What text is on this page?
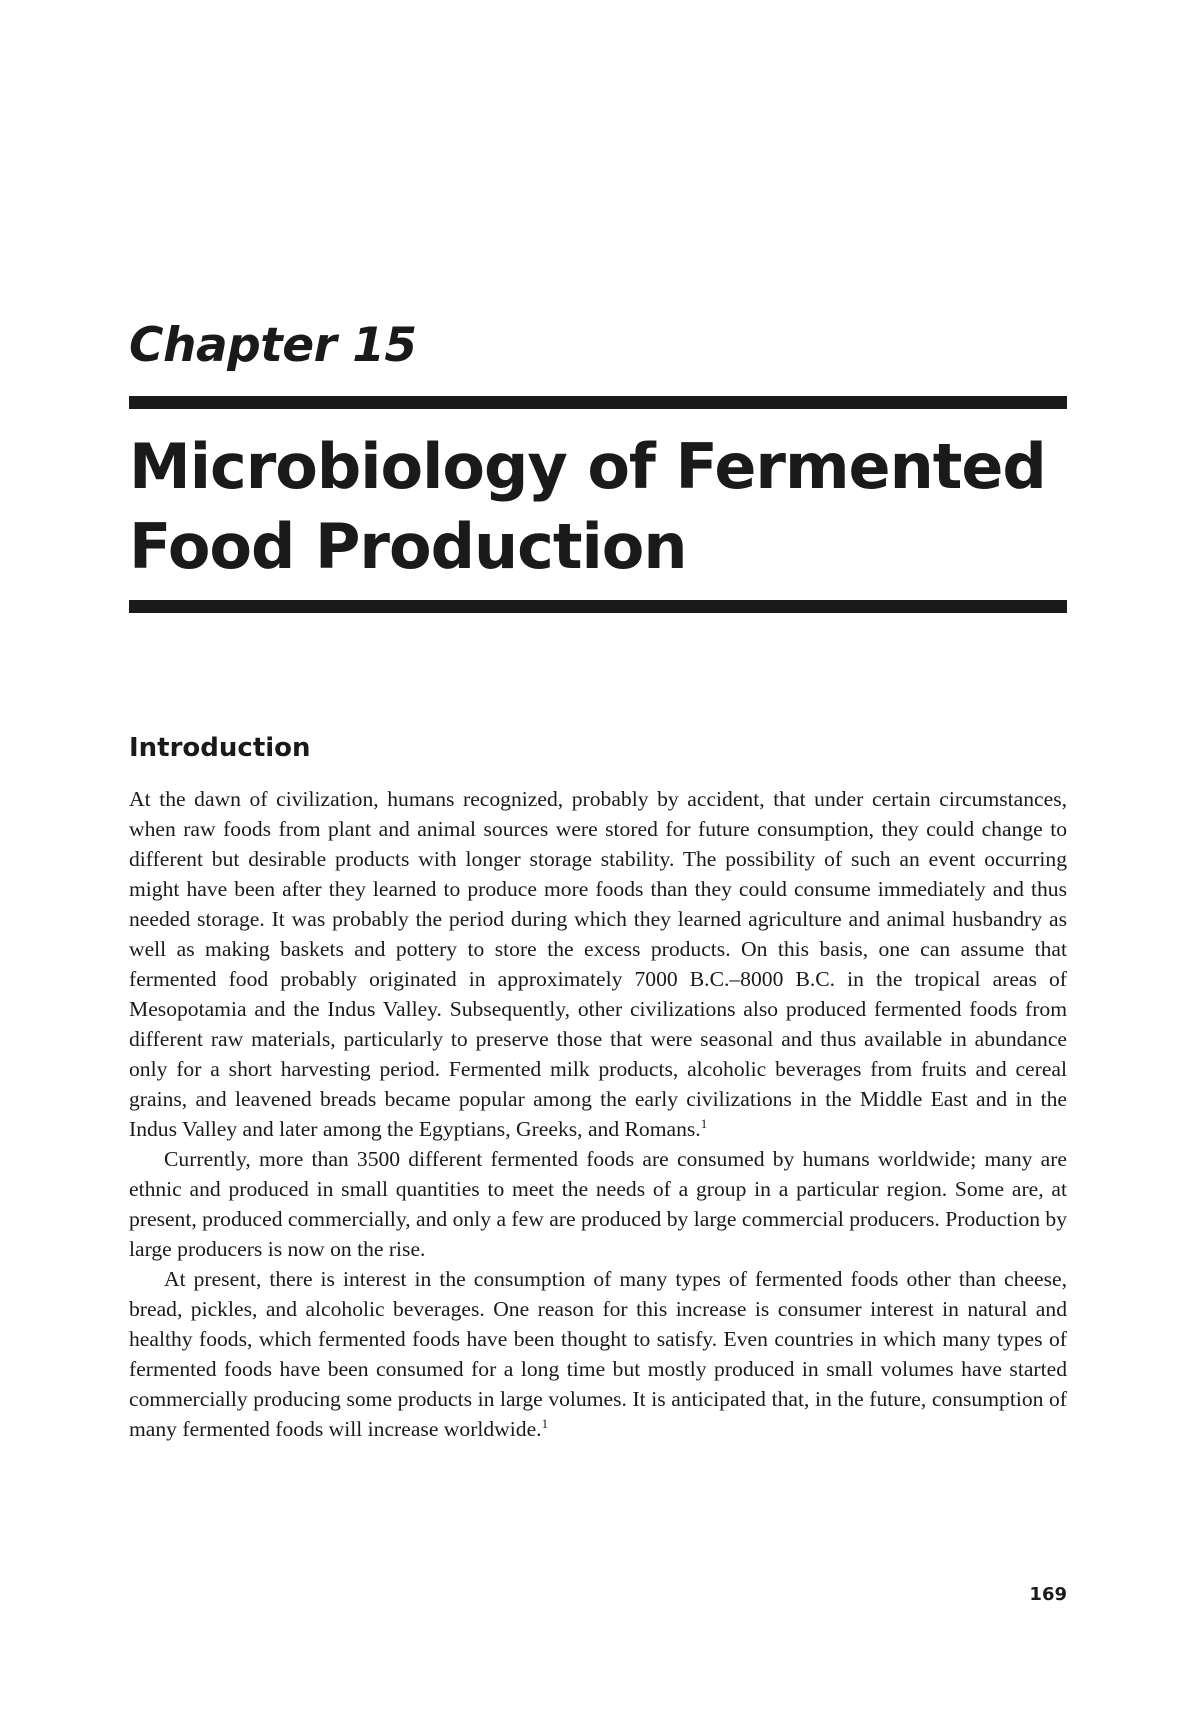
Chapter 15
Microbiology of Fermented
Food Production
Introduction

At the dawn of civilization, humans recognized, probably by accident, that under certain circumstances, when raw foods from plant and animal sources were stored for future consumption, they could change to different but desirable products with longer storage stability. The possibility of such an event occurring might have been after they learned to produce more foods than they could consume immediately and thus needed storage. It was probably the period during which they learned agriculture and animal husbandry as well as making baskets and pottery to store the excess products. On this basis, one can assume that fermented food probably originated in approximately 7000 B.C.–8000 B.C. in the tropical areas of Mesopotamia and the Indus Valley. Subsequently, other civilizations also produced fermented foods from different raw materials, particularly to preserve those that were seasonal and thus available in abundance only for a short harvesting period. Fermented milk products, alcoholic beverages from fruits and cereal grains, and leavened breads became popular among the early civilizations in the Middle East and in the Indus Valley and later among the Egyptians, Greeks, and Romans.$^1$

Currently, more than 3500 different fermented foods are consumed by humans worldwide; many are ethnic and produced in small quantities to meet the needs of a group in a particular region. Some are, at present, produced commercially, and only a few are produced by large commercial producers. Production by large producers is now on the rise.

At present, there is interest in the consumption of many types of fermented foods other than cheese, bread, pickles, and alcoholic beverages. One reason for this increase is consumer interest in natural and healthy foods, which fermented foods have been thought to satisfy. Even countries in which many types of fermented foods have been consumed for a long time but mostly produced in small volumes have started commercially producing some products in large volumes. It is anticipated that, in the future, consumption of many fermented foods will increase worldwide.$^1$

169
